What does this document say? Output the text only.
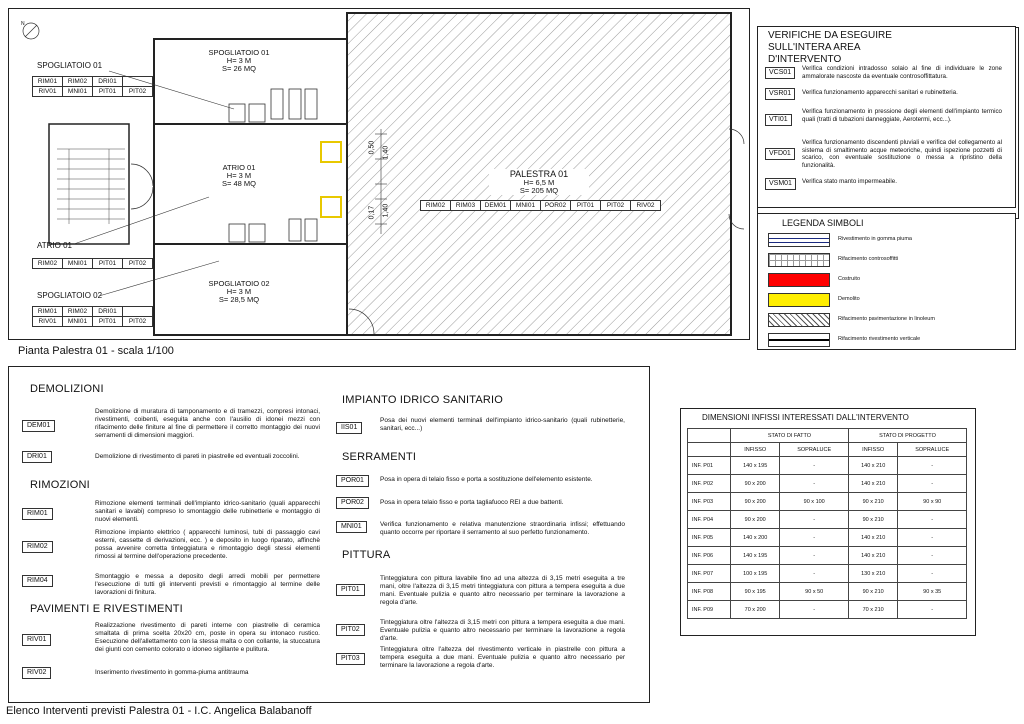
N
SPOGLIATOIO 01
RIM01	RIM02	DRI01
RIV01	MNI01	PIT01	PIT02
ATRIO 01
RIM02	MNI01	PIT01	PIT02
SPOGLIATOIO 02
RIM01	RIM02	DRI01
RIV01	MNI01	PIT01	PIT02
SPOGLIATOIO 01
H= 3 M
S= 26 MQ
ATRIO 01
H= 3 M
S= 48 MQ
SPOGLIATOIO 02
H= 3 M
S= 28,5 MQ
PALESTRA 01
H= 6,5 M
S= 205 MQ
RIM02	RIM03	DEM01	MNI01	POR02	PIT01	PIT02	RIV02
0,50 1,40
0,17 1,40
Pianta Palestra 01 - scala 1/100
VERIFICHE DA ESEGUIRE SULL'INTERA AREA D'INTERVENTO
VCS01
Verifica condizioni intradosso solaio al fine di individuare le zone ammalorate nascoste da eventuale controsoffittatura.
VSR01	Verifica funzionamento apparecchi sanitari e rubinetteria.
VTI01
Verifica funzionamento in pressione degli elementi dell'impianto termico quali (tratti di tubazioni danneggiate, Aerotermi, ecc...).
VFD01
Verifica funzionamento discendenti pluviali e verifica del collegamento al sistema di smaltimento acque meteoriche, quindi ispezione pozzetti di scarico, con eventuale sostituzione o messa a ripristino della funzionalità.
VSM01	Verifica stato manto impermeabile.
LEGENDA SIMBOLI
Rivestimento in gomma piuma
Rifacimento controsoffitti
Costruito
Demolito
Rifacimento pavimentazione in linoleum
Rifacimento rivestimento verticale
DEMOLIZIONI
DEM01
Demolizione di muratura di tamponamento e di tramezzi, compresi intonaci, rivestimenti, coibenti, eseguita anche con l'ausilio di idonei mezzi con rifacimento delle finiture al fine di permettere il corretto montaggio dei nuovi serramenti di dimensioni maggiori.
DRI01	Demolizione di rivestimento di pareti in piastrelle ed eventuali zoccolini.
RIMOZIONI
RIM01
Rimozione elementi terminali dell'impianto idrico-sanitario (quali apparecchi sanitari e lavabi) compreso lo smontaggio delle rubinetterie e montaggio di nuovi elementi.
RIM02
Rimozione impianto elettrico ( apparecchi luminosi, tubi di passaggio cavi esterni, cassette di derivazioni, ecc. ) e deposito in luogo riparato, affinchè possa avvenire corretta tinteggiatura e rimontaggio degli stessi elementi rimossi al termine dell'operazione precedente.
RIM04
Smontaggio e messa a deposito degli arredi mobili per permettere l'esecuzione di tutti gli interventi previsti e rimontaggio al termine delle lavorazioni di finitura.
PAVIMENTI E RIVESTIMENTI
RIV01
Realizzazione rivestimento di pareti interne con piastrelle di ceramica smaltata di prima scelta 20x20 cm, poste in opera su intonaco rustico. Esecuzione dell'allettamento con la stessa malta o con collante, la stuccatura dei giunti con cemento colorato o idoneo sigillante e pulitura.
RIV02	Inserimento rivestimento in gomma-piuma antitrauma
IMPIANTO IDRICO SANITARIO
IIS01
Posa dei nuovi elementi terminali dell'impianto idrico-sanitario (quali rubinetterie, sanitari, ecc...)
SERRAMENTI
POR01	Posa in opera di telaio fisso e porta a sostituzione dell'elemento esistente.
POR02	Posa in opera telaio fisso e porta tagliafuoco REI a due battenti.
MNI01	Verifica funzionamento e relativa manutenzione straordinaria infissi; effettuando quanto occorre per riportare il serramento al suo perfetto funzionamento.
PITTURA
PIT01
Tinteggiatura con pittura lavabile fino ad una altezza di 3,15 metri eseguita a tre mani, oltre l'altezza di 3,15 metri tinteggiatura con pittura a tempera eseguita a due mani. Eventuale pulizia e quanto altro necessario per terminare la lavorazione a regola d'arte.
PIT02
Tinteggiatura oltre l'altezza di 3,15 metri con pittura a tempera eseguita a due mani. Eventuale pulizia e quanto altro necessario per terminare la lavorazione a regola d'arte.
PIT03
Tinteggiatura oltre l'altezza del rivestimento verticale in piastrelle con pittura a tempera eseguita a due mani. Eventuale pulizia e quanto altro necessario per terminare la lavorazione a regola d'arte.
Elenco Interventi previsti Palestra 01 - I.C. Angelica Balabanoff
DIMENSIONI INFISSI INTERESSATI DALL'INTERVENTO
	STATO DI FATTO		STATO DI PROGETTO	
	INFISSO	SOPRALUCE	INFISSO	SOPRALUCE
INF. P01	140 x 195	-	140 x 210	-
INF. P02	90 x 200	-	140 x 210	-
INF. P03	90 x 200	90 x 100	90 x 210	90 x 90
INF. P04	90 x 200	-	90 x 210	-
INF. P05	140 x 200	-	140 x 210	-
INF. P06	140 x 195	-	140 x 210	-
INF. P07	100 x 195	-	130 x 210	-
INF. P08	90 x 195	90 x 50	90 x 210	90 x 35
INF. P09	70 x 200	-	70 x 210	-
